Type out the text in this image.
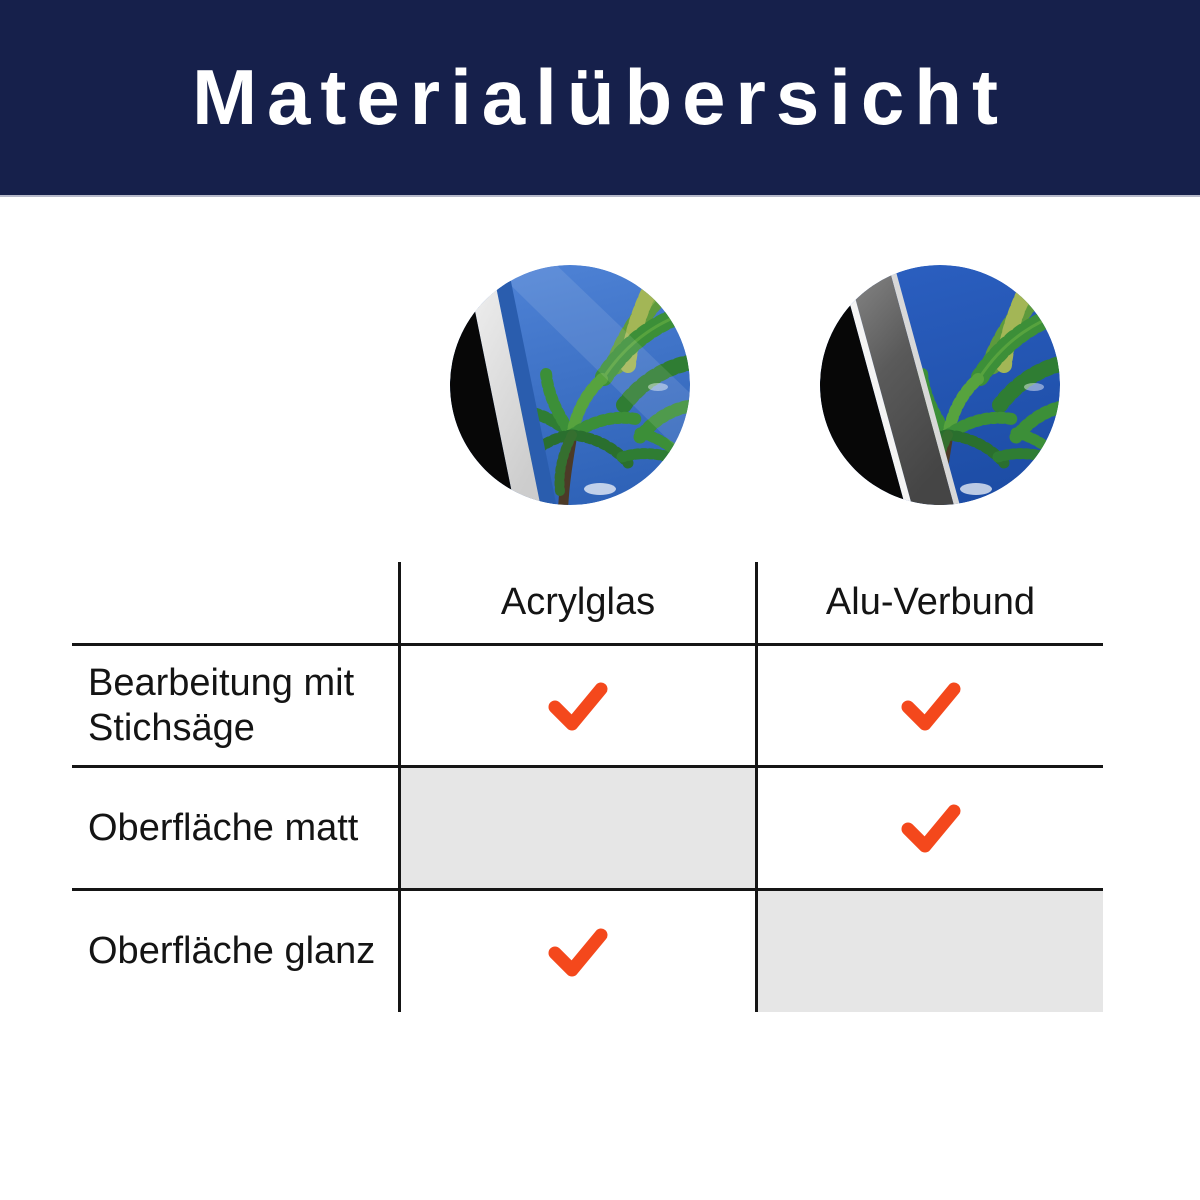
Materialübersicht
Acrylglas	Alu-Verbund
Bearbeitung mit Stichsäge
Oberfläche matt
Oberfläche glanz
